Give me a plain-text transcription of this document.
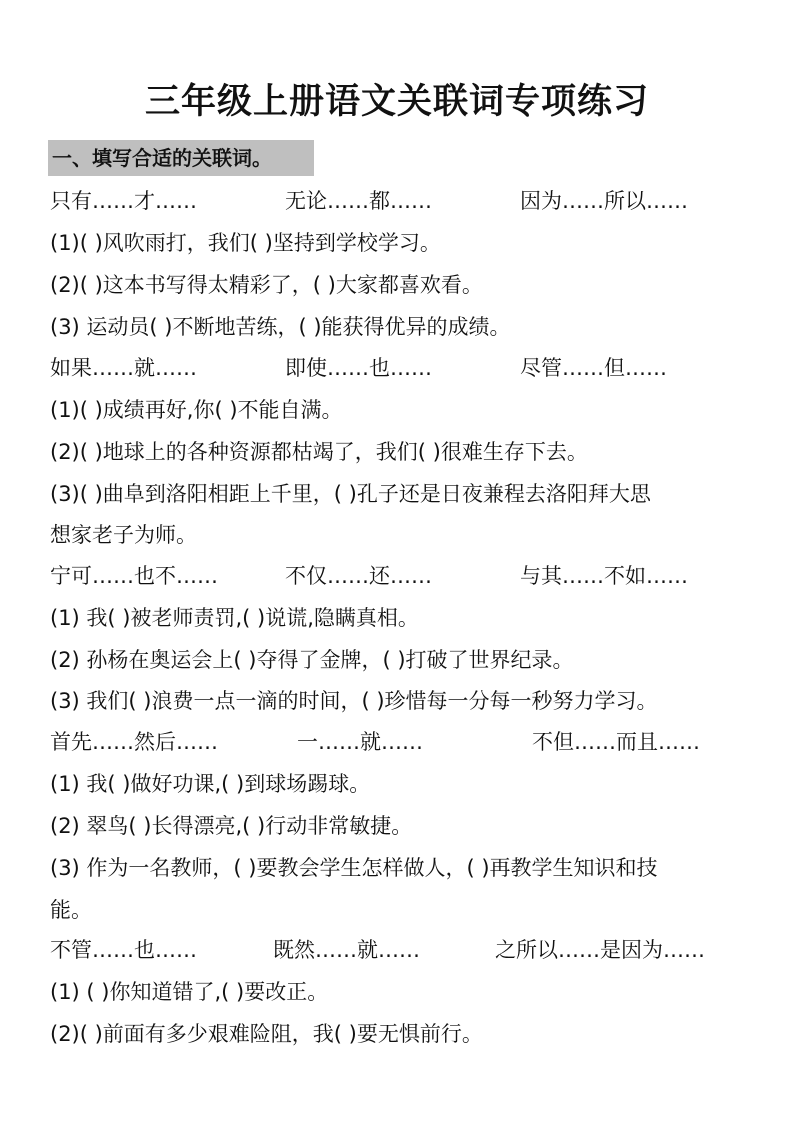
三年级上册语文关联词专项练习
一、填写合适的关联词。
只有……才……	无论……都……	因为……所以……
(1)( )风吹雨打，我们( )坚持到学校学习。
(2)( )这本书写得太精彩了，( )大家都喜欢看。
(3) 运动员( )不断地苦练，( )能获得优异的成绩。
如果……就……	即使……也……	尽管……但……
(1)( )成绩再好,你( )不能自满。
(2)( )地球上的各种资源都枯竭了，我们( )很难生存下去。
(3)( )曲阜到洛阳相距上千里，( )孔子还是日夜兼程去洛阳拜大思
想家老子为师。
宁可……也不……	不仅……还……	与其……不如……
(1) 我( )被老师责罚,( )说谎,隐瞒真相。
(2) 孙杨在奥运会上( )夺得了金牌，( )打破了世界纪录。
(3) 我们( )浪费一点一滴的时间，( )珍惜每一分每一秒努力学习。
首先……然后……	一……就……	不但……而且……
(1) 我( )做好功课,( )到球场踢球。
(2) 翠鸟( )长得漂亮,( )行动非常敏捷。
(3) 作为一名教师，( )要教会学生怎样做人，( )再教学生知识和技
能。
不管……也……	既然……就……	之所以……是因为……
(1) ( )你知道错了,( )要改正。
(2)( )前面有多少艰难险阻，我( )要无惧前行。
